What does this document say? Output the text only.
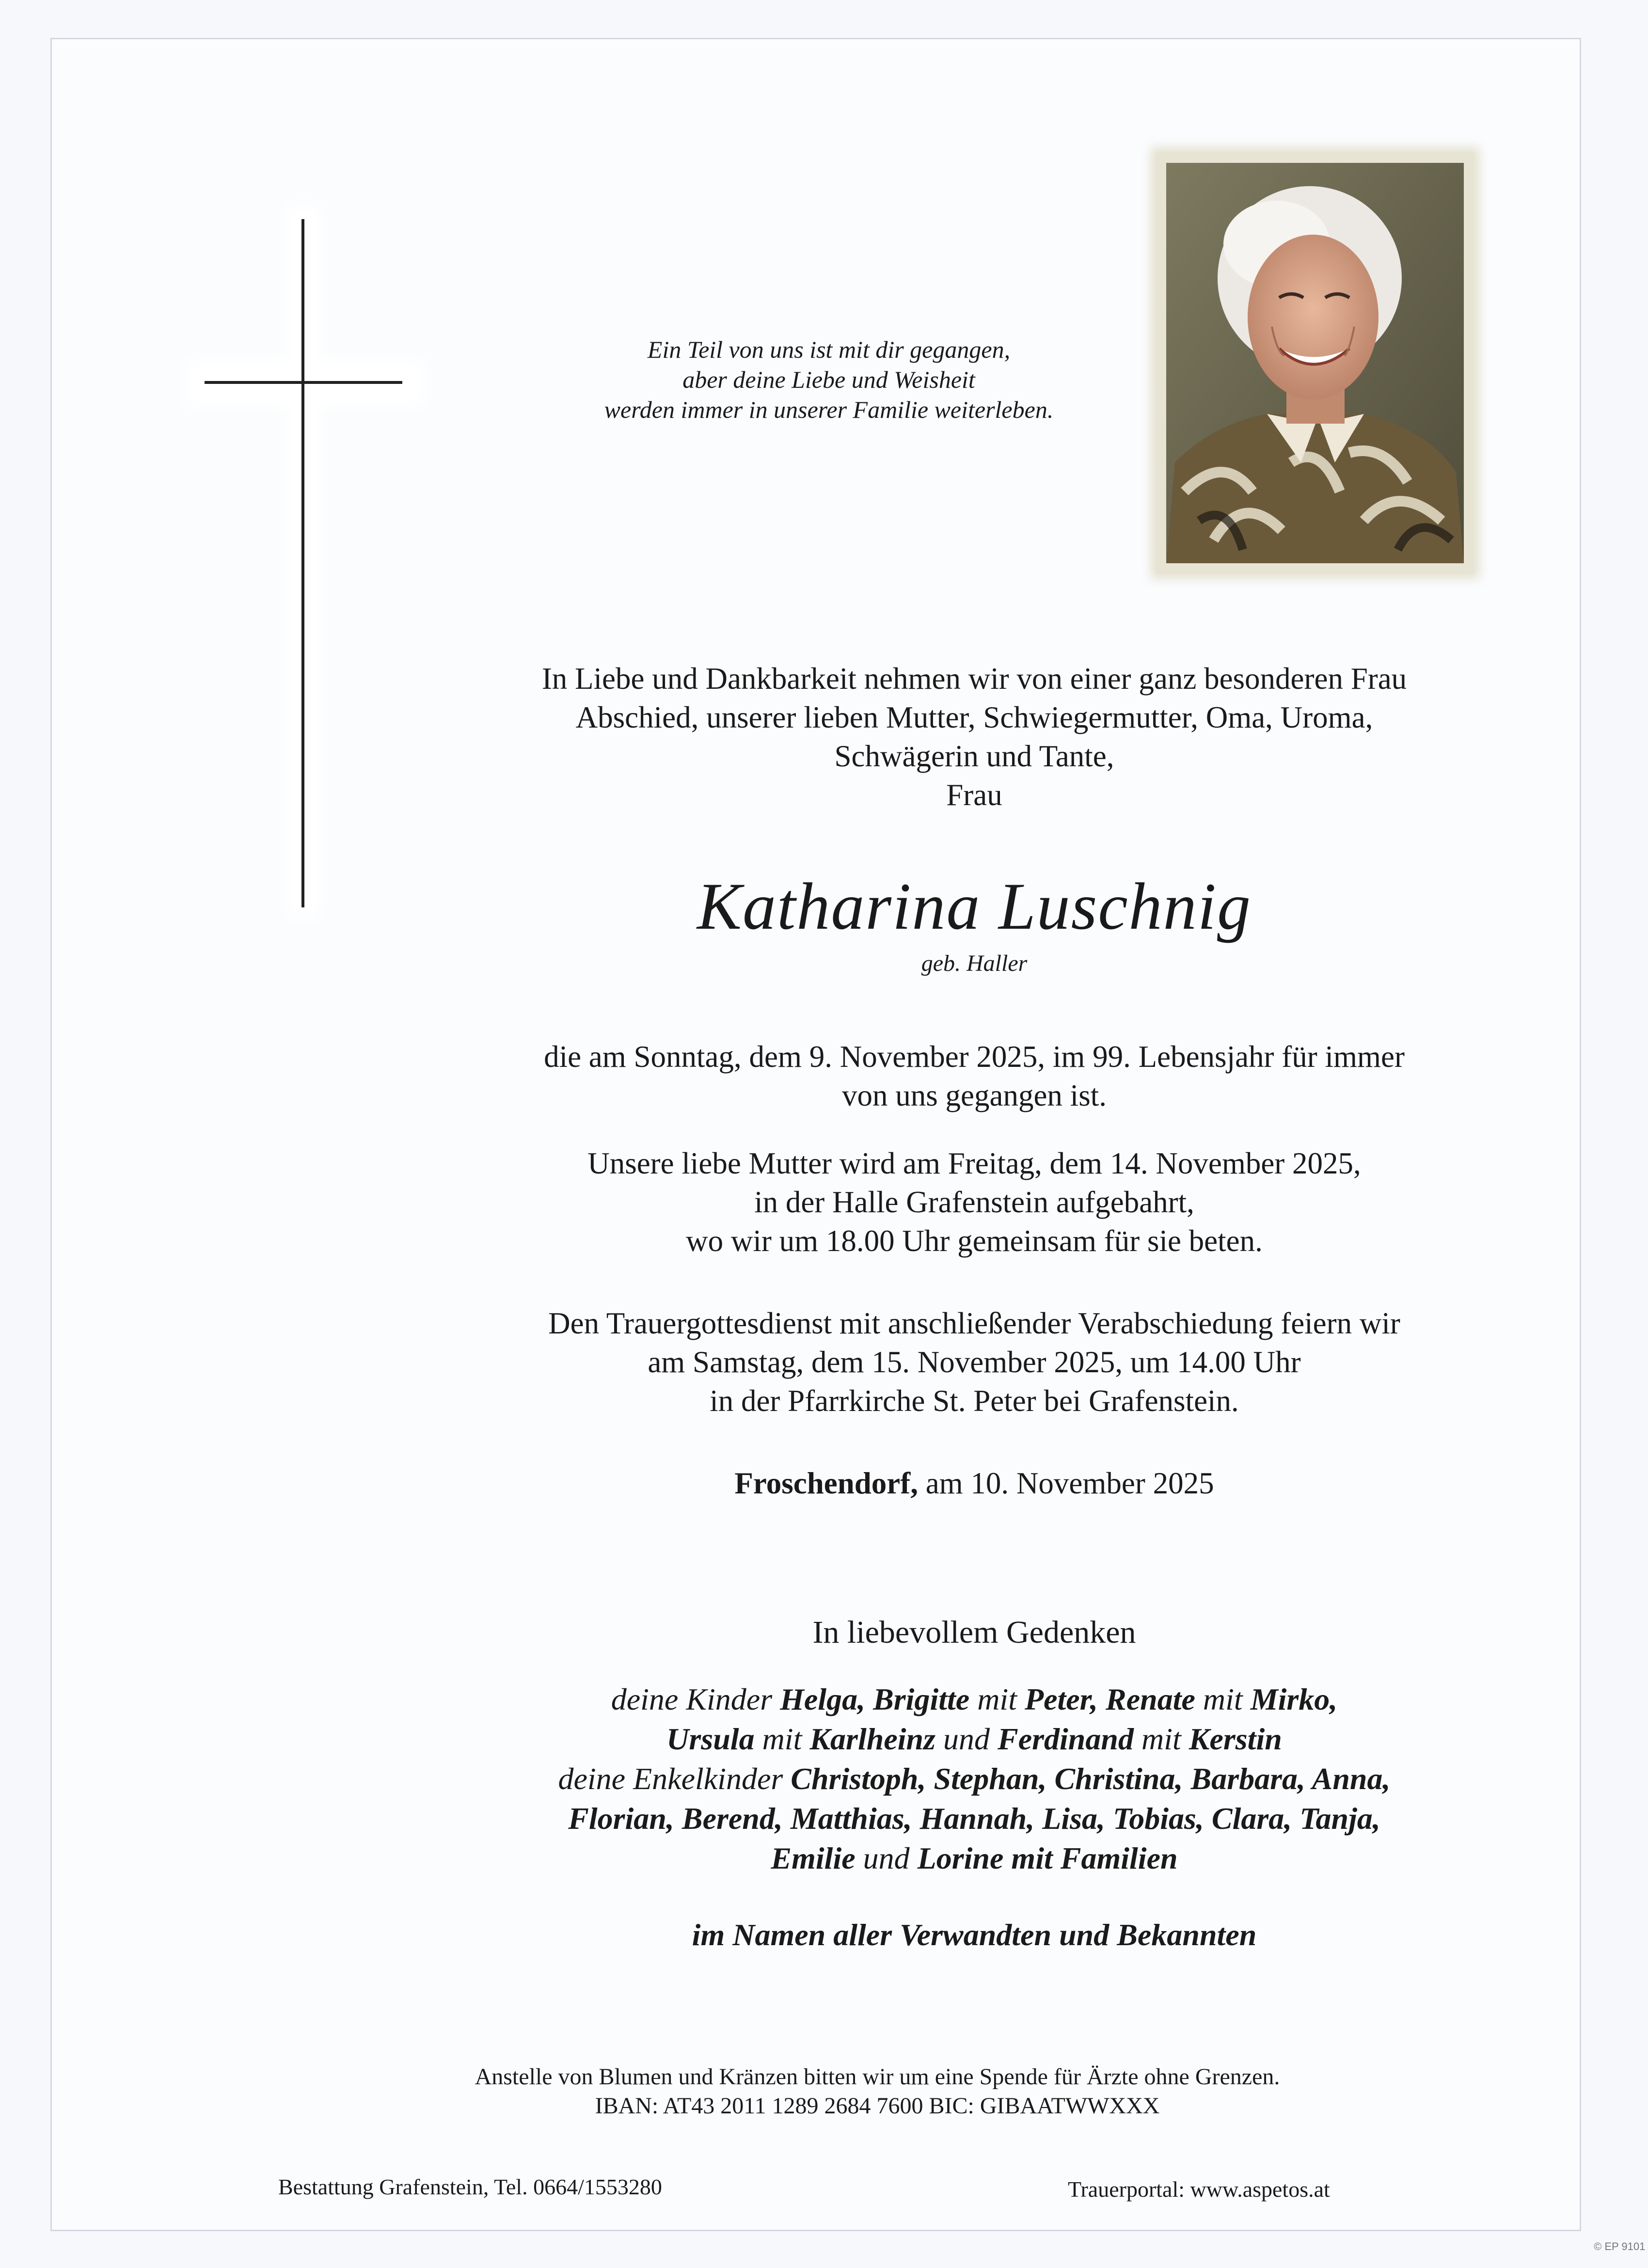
Ein Teil von uns ist mit dir gegangen,
aber deine Liebe und Weisheit
werden immer in unserer Familie weiterleben.
In Liebe und Dankbarkeit nehmen wir von einer ganz besonderen Frau
Abschied, unserer lieben Mutter, Schwiegermutter, Oma, Uroma,
Schwägerin und Tante,
Frau
Katharina Luschnig
geb. Haller
die am Sonntag, dem 9. November 2025, im 99. Lebensjahr für immer
von uns gegangen ist.
Unsere liebe Mutter wird am Freitag, dem 14. November 2025,
in der Halle Grafenstein aufgebahrt,
wo wir um 18.00 Uhr gemeinsam für sie beten.
Den Trauergottesdienst mit anschließender Verabschiedung feiern wir
am Samstag, dem 15. November 2025, um 14.00 Uhr
in der Pfarrkirche St. Peter bei Grafenstein.
Froschendorf, am 10. November 2025
In liebevollem Gedenken
deine Kinder Helga, Brigitte mit Peter, Renate mit Mirko,
Ursula mit Karlheinz und Ferdinand mit Kerstin
deine Enkelkinder Christoph, Stephan, Christina, Barbara, Anna,
Florian, Berend, Matthias, Hannah, Lisa, Tobias, Clara, Tanja,
Emilie und Lorine mit Familien
im Namen aller Verwandten und Bekannten
Anstelle von Blumen und Kränzen bitten wir um eine Spende für Ärzte ohne Grenzen.
IBAN: AT43 2011 1289 2684 7600 BIC: GIBAATWWXXX
Bestattung Grafenstein, Tel. 0664/1553280	Trauerportal: www.aspetos.at
© EP 9101
